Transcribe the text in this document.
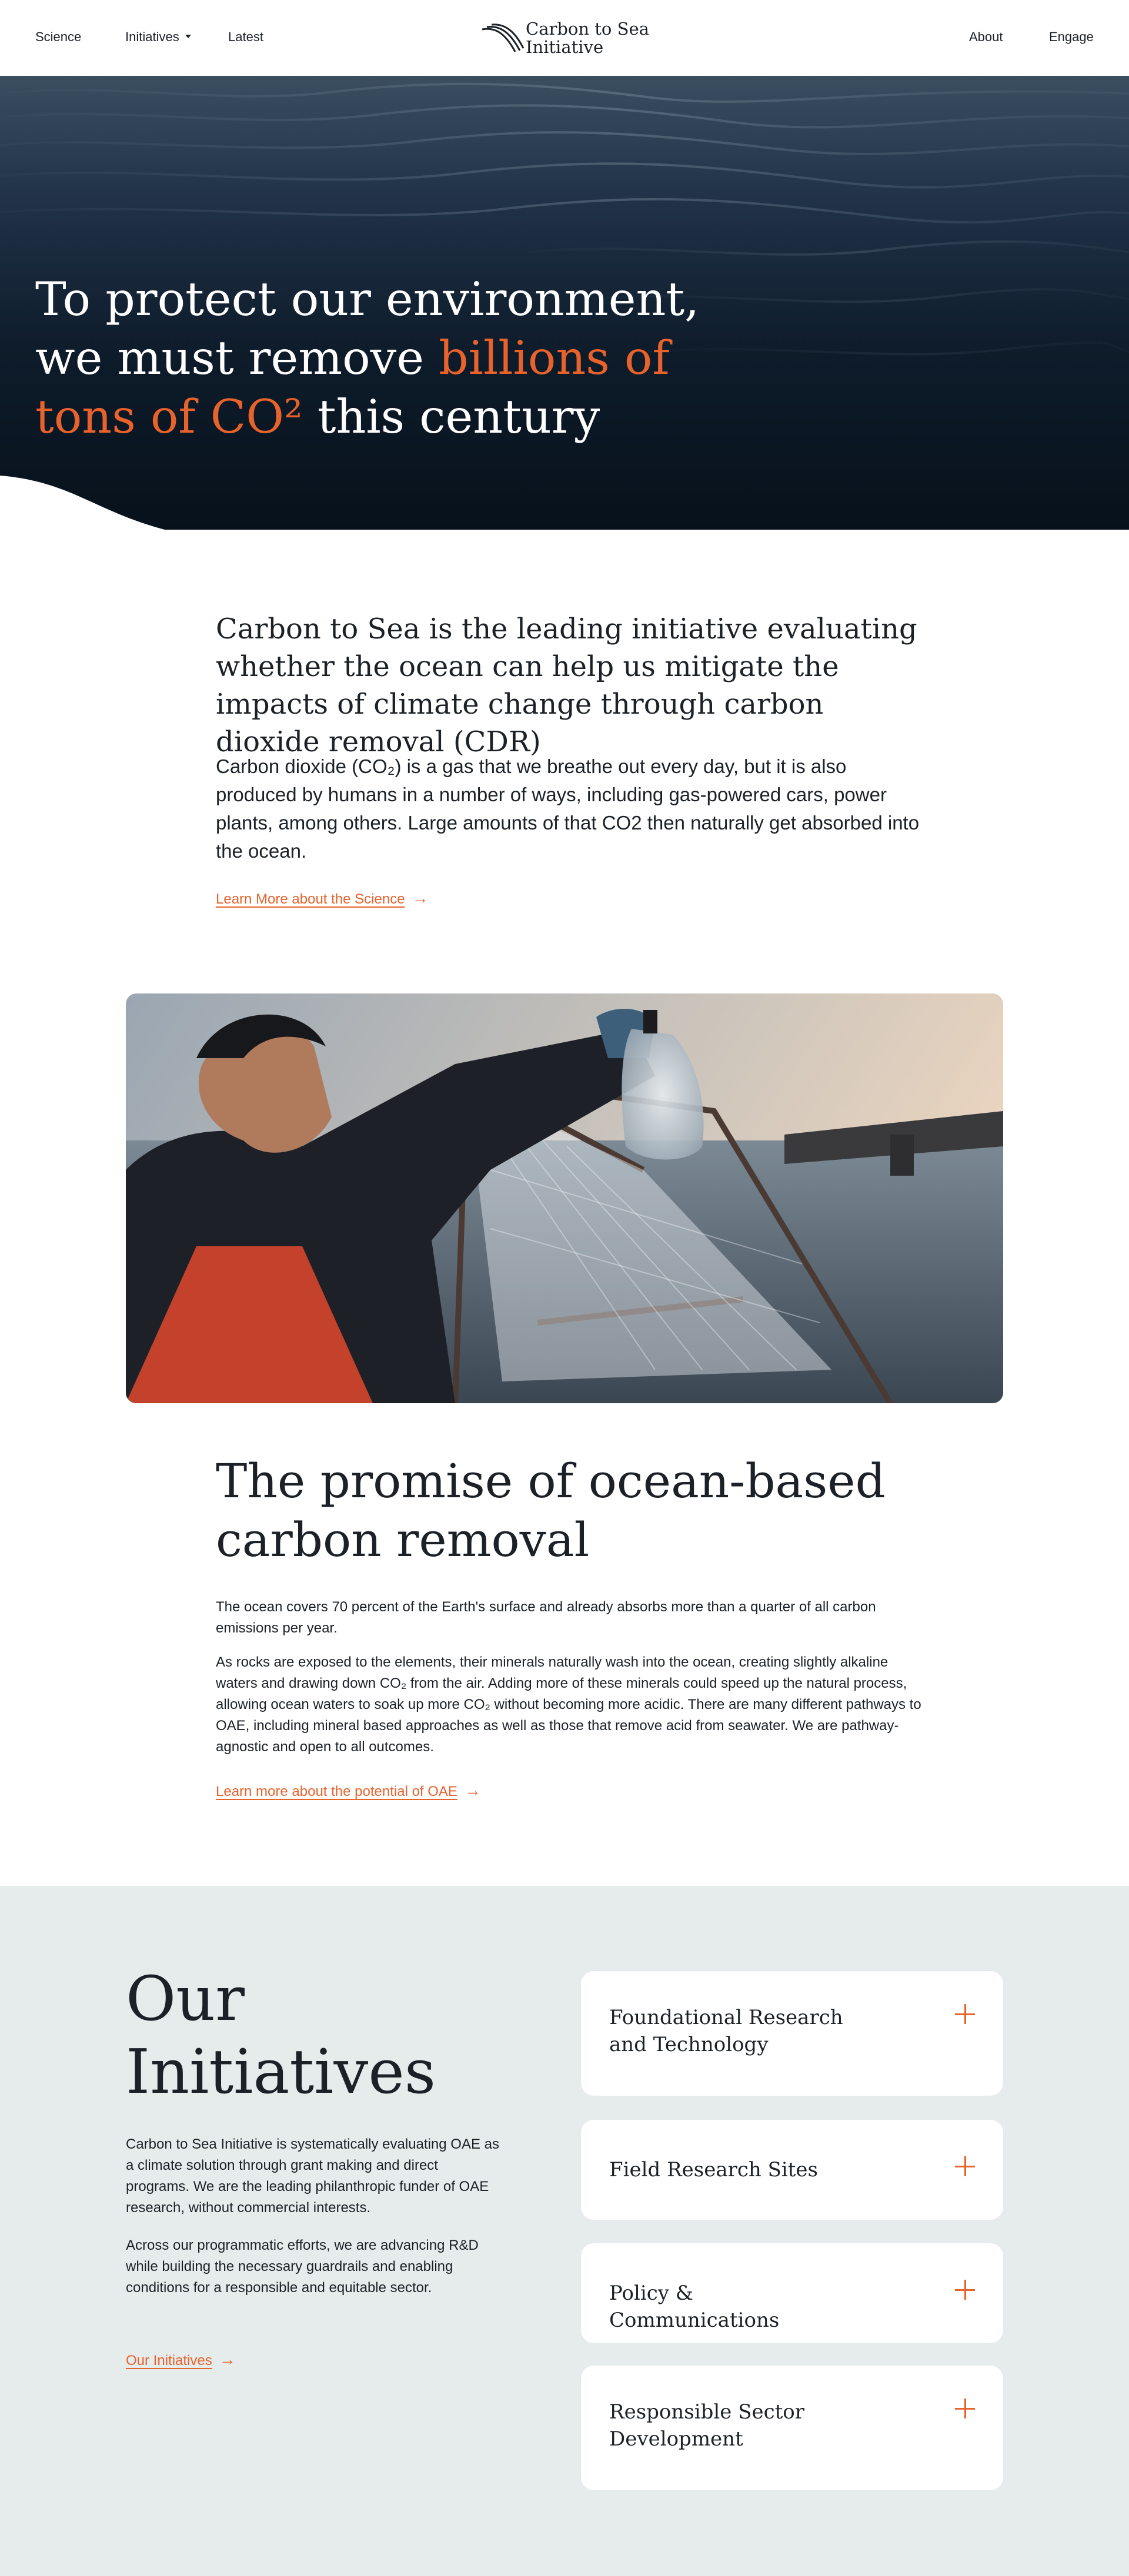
Science	Initiatives	Latest	Carbon to Sea
Initiative
About	Engage
To protect our environment, we must remove billions of tons of CO² this century

Carbon to Sea is the leading initiative evaluating whether the ocean can help us mitigate the impacts of climate change through carbon dioxide removal (CDR)

Carbon dioxide (CO₂) is a gas that we breathe out every day, but it is also produced by humans in a number of ways, including gas-powered cars, power plants, among others. Large amounts of that CO2 then naturally get absorbed into the ocean.

Learn More about the Science →
The promise of ocean-based carbon removal

The ocean covers 70 percent of the Earth's surface and already absorbs more than a quarter of all carbon emissions per year.

As rocks are exposed to the elements, their minerals naturally wash into the ocean, creating slightly alkaline waters and drawing down CO₂ from the air. Adding more of these minerals could speed up the natural process, allowing ocean waters to soak up more CO₂ without becoming more acidic. There are many different pathways to OAE, including mineral based approaches as well as those that remove acid from seawater. We are pathway-agnostic and open to all outcomes.

Learn more about the potential of OAE →
Our Initiatives

Carbon to Sea Initiative is systematically evaluating OAE as a climate solution through grant making and direct programs. We are the leading philanthropic funder of OAE research, without commercial interests.

Across our programmatic efforts, we are advancing R&D while building the necessary guardrails and enabling conditions for a responsible and equitable sector.

Our Initiatives →
Foundational Research and Technology
Field Research Sites
Policy & Communications
Responsible Sector Development
